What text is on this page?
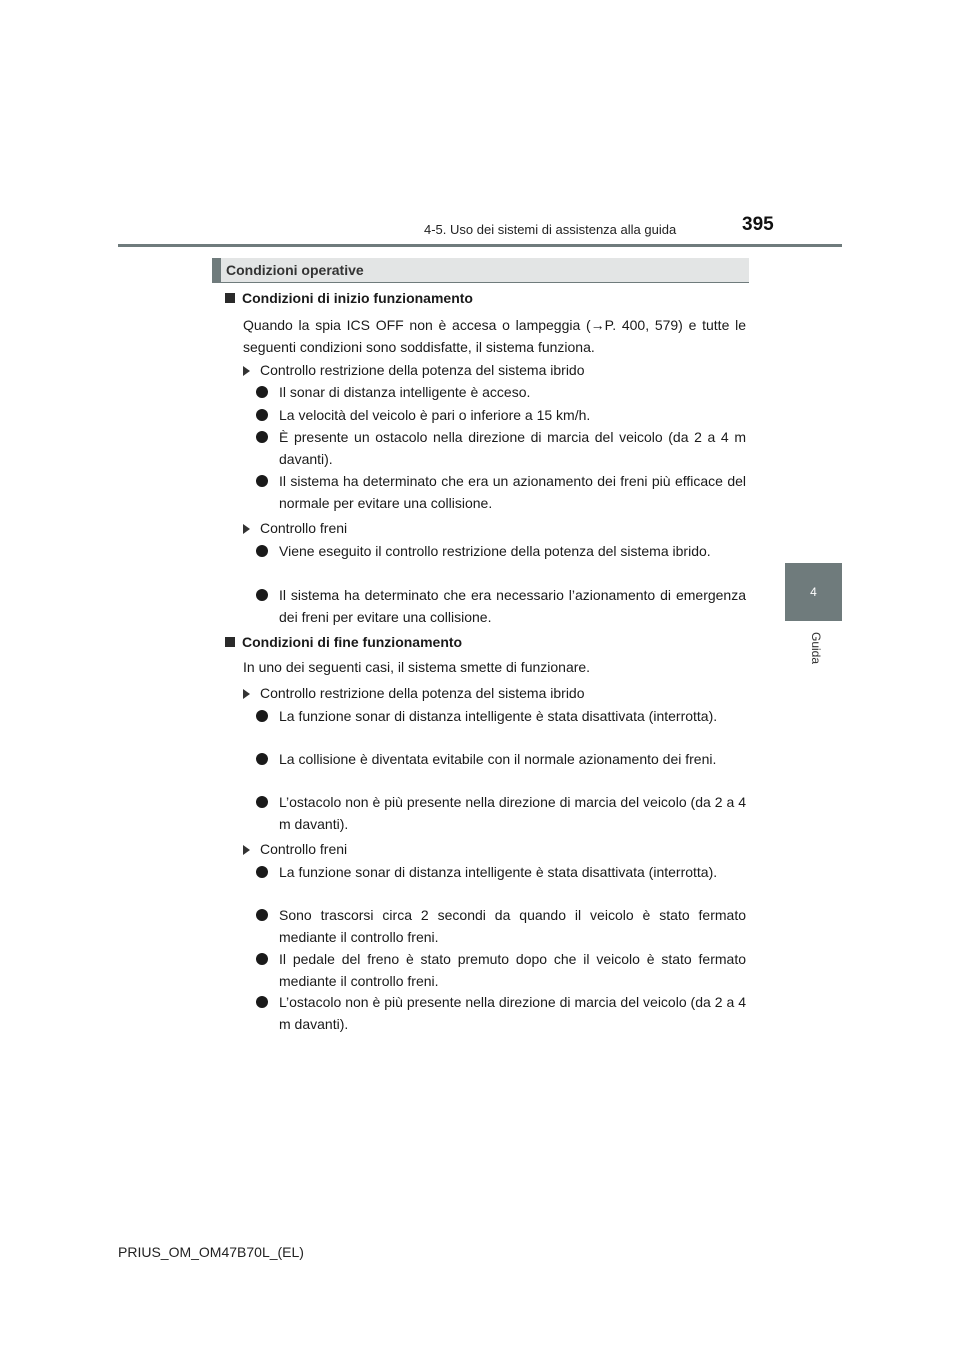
4-5. Uso dei sistemi di assistenza alla guida	395
4
Guida
Condizioni operative
Condizioni di inizio funzionamento
Quando la spia ICS OFF non è accesa o lampeggia (→P. 400, 579) e tutte le seguenti condizioni sono soddisfatte, il sistema funziona.
Controllo restrizione della potenza del sistema ibrido
Il sonar di distanza intelligente è acceso.
La velocità del veicolo è pari o inferiore a 15 km/h.
È presente un ostacolo nella direzione di marcia del veicolo (da 2 a 4 m davanti).
Il sistema ha determinato che era un azionamento dei freni più efficace del normale per evitare una collisione.
Controllo freni
Viene eseguito il controllo restrizione della potenza del sistema ibrido.
Il sistema ha determinato che era necessario l’azionamento di emergenza dei freni per evitare una collisione.
Condizioni di fine funzionamento
In uno dei seguenti casi, il sistema smette di funzionare.
Controllo restrizione della potenza del sistema ibrido
La funzione sonar di distanza intelligente è stata disattivata (interrotta).
La collisione è diventata evitabile con il normale azionamento dei freni.
L’ostacolo non è più presente nella direzione di marcia del veicolo (da 2 a 4 m davanti).
Controllo freni
La funzione sonar di distanza intelligente è stata disattivata (interrotta).
Sono trascorsi circa 2 secondi da quando il veicolo è stato fermato mediante il controllo freni.
Il pedale del freno è stato premuto dopo che il veicolo è stato fermato mediante il controllo freni.
L’ostacolo non è più presente nella direzione di marcia del veicolo (da 2 a 4 m davanti).
PRIUS_OM_OM47B70L_(EL)
